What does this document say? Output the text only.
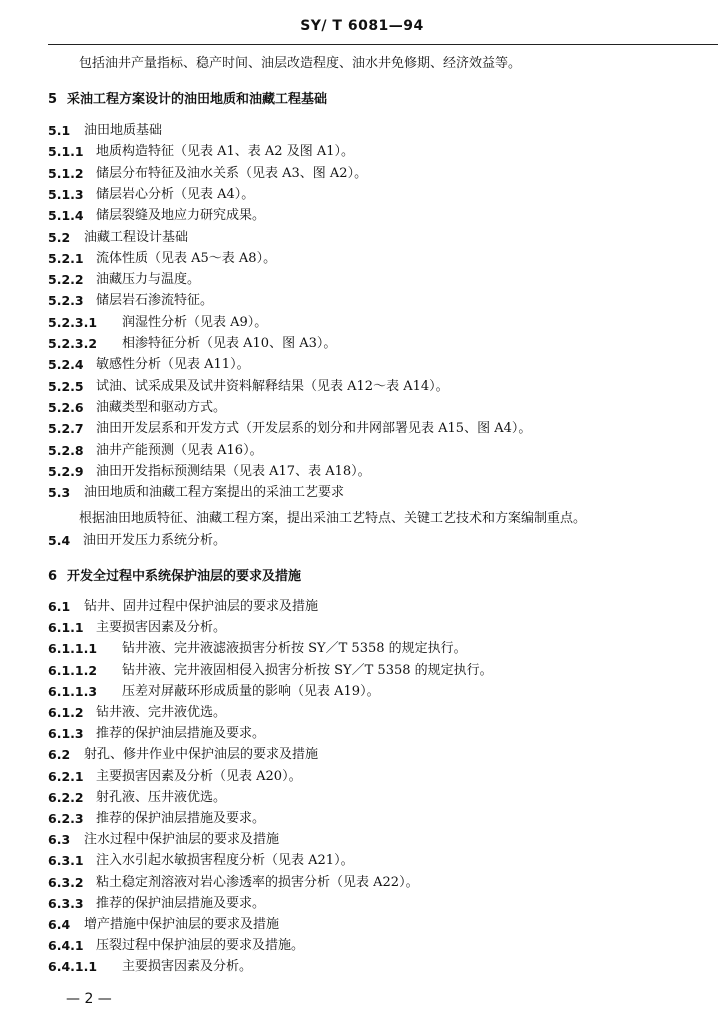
SY/ T 6081—94
包括油井产量指标、稳产时间、油层改造程度、油水井免修期、经济效益等。
5 采油工程方案设计的油田地质和油藏工程基础
5.1 油田地质基础
5.1.1 地质构造特征（见表 A1、表 A2 及图 A1）。
5.1.2 储层分布特征及油水关系（见表 A3、图 A2）。
5.1.3 储层岩心分析（见表 A4）。
5.1.4 储层裂缝及地应力研究成果。
5.2 油藏工程设计基础
5.2.1 流体性质（见表 A5～表 A8）。
5.2.2 油藏压力与温度。
5.2.3 储层岩石渗流特征。
5.2.3.1 润湿性分析（见表 A9）。
5.2.3.2 相渗特征分析（见表 A10、图 A3）。
5.2.4 敏感性分析（见表 A11）。
5.2.5 试油、试采成果及试井资料解释结果（见表 A12～表 A14）。
5.2.6 油藏类型和驱动方式。
5.2.7 油田开发层系和开发方式（开发层系的划分和井网部署见表 A15、图 A4）。
5.2.8 油井产能预测（见表 A16）。
5.2.9 油田开发指标预测结果（见表 A17、表 A18）。
5.3 油田地质和油藏工程方案提出的采油工艺要求
根据油田地质特征、油藏工程方案，提出采油工艺特点、关键工艺技术和方案编制重点。
5.4 油田开发压力系统分析。
6 开发全过程中系统保护油层的要求及措施
6.1 钻井、固井过程中保护油层的要求及措施
6.1.1 主要损害因素及分析。
6.1.1.1 钻井液、完井液滤液损害分析按 SY／T 5358 的规定执行。
6.1.1.2 钻井液、完井液固相侵入损害分析按 SY／T 5358 的规定执行。
6.1.1.3 压差对屏蔽环形成质量的影响（见表 A19）。
6.1.2 钻井液、完井液优选。
6.1.3 推荐的保护油层措施及要求。
6.2 射孔、修井作业中保护油层的要求及措施
6.2.1 主要损害因素及分析（见表 A20）。
6.2.2 射孔液、压井液优选。
6.2.3 推荐的保护油层措施及要求。
6.3 注水过程中保护油层的要求及措施
6.3.1 注入水引起水敏损害程度分析（见表 A21）。
6.3.2 粘土稳定剂溶液对岩心渗透率的损害分析（见表 A22）。
6.3.3 推荐的保护油层措施及要求。
6.4 增产措施中保护油层的要求及措施
6.4.1 压裂过程中保护油层的要求及措施。
6.4.1.1 主要损害因素及分析。
— 2 —
